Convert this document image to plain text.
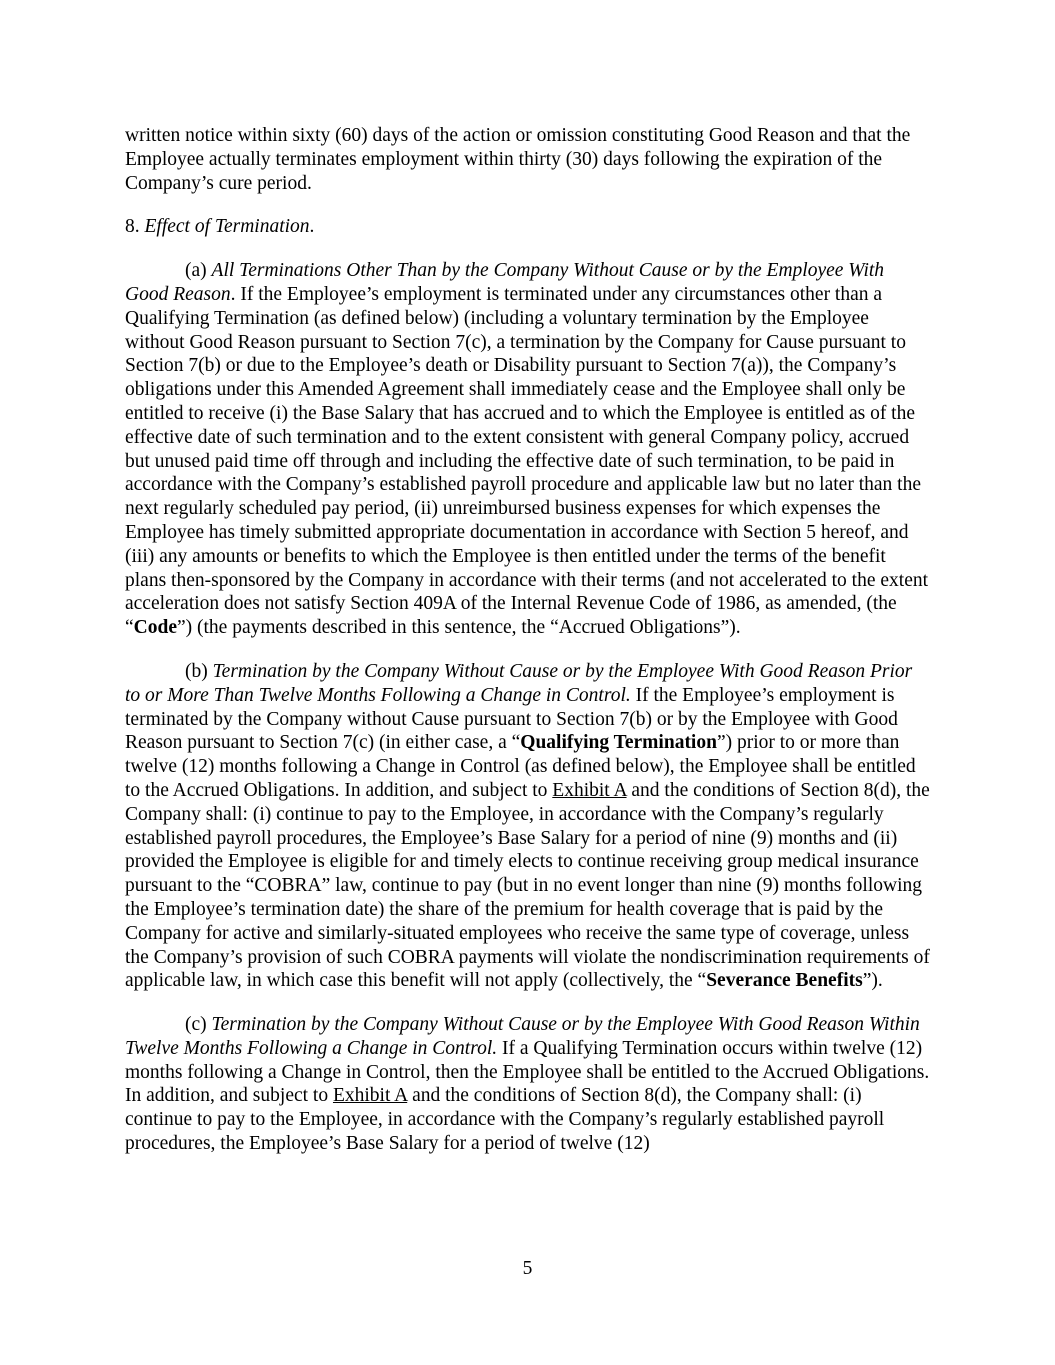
written notice within sixty (60) days of the action or omission constituting Good Reason and that the Employee actually terminates employment within thirty (30) days following the expiration of the Company’s cure period.

8. Effect of Termination.

(a) All Terminations Other Than by the Company Without Cause or by the Employee With Good Reason. If the Employee’s employment is terminated under any circumstances other than a Qualifying Termination (as defined below) (including a voluntary termination by the Employee without Good Reason pursuant to Section 7(c), a termination by the Company for Cause pursuant to Section 7(b) or due to the Employee’s death or Disability pursuant to Section 7(a)), the Company’s obligations under this Amended Agreement shall immediately cease and the Employee shall only be entitled to receive (i) the Base Salary that has accrued and to which the Employee is entitled as of the effective date of such termination and to the extent consistent with general Company policy, accrued but unused paid time off through and including the effective date of such termination, to be paid in accordance with the Company’s established payroll procedure and applicable law but no later than the next regularly scheduled pay period, (ii) unreimbursed business expenses for which expenses the Employee has timely submitted appropriate documentation in accordance with Section 5 hereof, and (iii) any amounts or benefits to which the Employee is then entitled under the terms of the benefit plans then-sponsored by the Company in accordance with their terms (and not accelerated to the extent acceleration does not satisfy Section 409A of the Internal Revenue Code of 1986, as amended, (the “Code”) (the payments described in this sentence, the “Accrued Obligations”).

(b) Termination by the Company Without Cause or by the Employee With Good Reason Prior to or More Than Twelve Months Following a Change in Control. If the Employee’s employment is terminated by the Company without Cause pursuant to Section 7(b) or by the Employee with Good Reason pursuant to Section 7(c) (in either case, a “Qualifying Termination”) prior to or more than twelve (12) months following a Change in Control (as defined below), the Employee shall be entitled to the Accrued Obligations. In addition, and subject to Exhibit A and the conditions of Section 8(d), the Company shall: (i) continue to pay to the Employee, in accordance with the Company’s regularly established payroll procedures, the Employee’s Base Salary for a period of nine (9) months and (ii) provided the Employee is eligible for and timely elects to continue receiving group medical insurance pursuant to the “COBRA” law, continue to pay (but in no event longer than nine (9) months following the Employee’s termination date) the share of the premium for health coverage that is paid by the Company for active and similarly-situated employees who receive the same type of coverage, unless the Company’s provision of such COBRA payments will violate the nondiscrimination requirements of applicable law, in which case this benefit will not apply (collectively, the “Severance Benefits”).

(c) Termination by the Company Without Cause or by the Employee With Good Reason Within Twelve Months Following a Change in Control. If a Qualifying Termination occurs within twelve (12) months following a Change in Control, then the Employee shall be entitled to the Accrued Obligations. In addition, and subject to Exhibit A and the conditions of Section 8(d), the Company shall: (i) continue to pay to the Employee, in accordance with the Company’s regularly established payroll procedures, the Employee’s Base Salary for a period of twelve (12)

5
